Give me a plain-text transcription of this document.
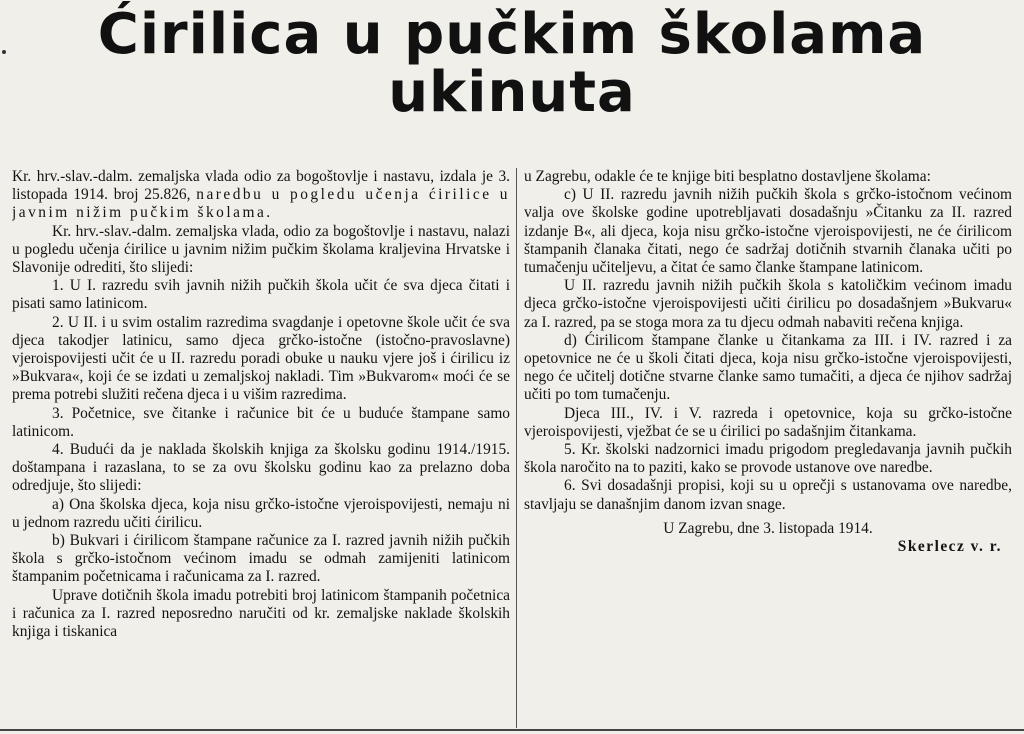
Ćirilica u pučkim školama
ukinuta

Kr. hrv.-slav.-dalm. zemaljska vlada odio za bogoštovlje i nastavu, izdala je 3. listopada 1914. broj 25.826, naredbu u pogledu učenja ćirilice u javnim nižim pučkim školama.

Kr. hrv.-slav.-dalm. zemaljska vlada, odio za bogoštovlje i nastavu, nalazi u pogledu učenja ćirilice u javnim nižim pučkim školama kraljevina Hrvatske i Slavonije odrediti, što slijedi:

1. U I. razredu svih javnih nižih pučkih škola učit će sva djeca čitati i pisati samo latinicom.

2. U II. i u svim ostalim razredima svagdanje i opetovne škole učit će sva djeca takodjer latinicu, samo djeca grčko-istočne (istočno-pravoslavne) vjeroispovijesti učit će u II. razredu poradi obuke u nauku vjere još i ćirilicu iz »Bukvara«, koji će se izdati u zemaljskoj nakladi. Tim »Bukvarom« moći će se prema potrebi služiti rečena djeca i u višim razredima.

3. Početnice, sve čitanke i računice bit će u buduće štampane samo latinicom.

4. Budući da je naklada školskih knjiga za školsku godinu 1914./1915. doštampana i razaslana, to se za ovu školsku godinu kao za prelazno doba odredjuje, što slijedi:

a) Ona školska djeca, koja nisu grčko-istočne vjeroispovijesti, nemaju ni u jednom razredu učiti ćirilicu.

b) Bukvari i ćirilicom štampane računice za I. razred javnih nižih pučkih škola s grčko-istočnom većinom imadu se odmah zamijeniti latinicom štampanim početnicama i računicama za I. razred.

Uprave dotičnih škola imadu potrebiti broj latinicom štampanih početnica i računica za I. razred neposredno naručiti od kr. zemaljske naklade školskih knjiga i tiskanica

u Zagrebu, odakle će te knjige biti besplatno dostavljene školama:

c) U II. razredu javnih nižih pučkih škola s grčko-istočnom većinom valja ove školske godine upotrebljavati dosadašnju »Čitanku za II. razred izdanje B«, ali djeca, koja nisu grčko-istočne vjeroispovijesti, ne će ćirilicom štampanih članaka čitati, nego će sadržaj dotičnih stvarnih članaka učiti po tumačenju učiteljevu, a čitat će samo članke štampane latinicom.

U II. razredu javnih nižih pučkih škola s katoličkim većinom imadu djeca grčko-istočne vjeroispovijesti učiti ćirilicu po dosadašnjem »Bukvaru« za I. razred, pa se stoga mora za tu djecu odmah nabaviti rečena knjiga.

d) Ćirilicom štampane članke u čitankama za III. i IV. razred i za opetovnice ne će u školi čitati djeca, koja nisu grčko-istočne vjeroispovijesti, nego će učitelj dotične stvarne članke samo tumačiti, a djeca će njihov sadržaj učiti po tom tumačenju.

Djeca III., IV. i V. razreda i opetovnice, koja su grčko-istočne vjeroispovijesti, vježbat će se u ćirilici po sadašnjim čitankama.

5. Kr. školski nadzornici imadu prigodom pregledavanja javnih pučkih škola naročito na to paziti, kako se provode ustanove ove naredbe.

6. Svi dosadašnji propisi, koji su u oprečji s ustanovama ove naredbe, stavljaju se današnjim danom izvan snage.

U Zagrebu, dne 3. listopada 1914.

Skerlecz v. r.
